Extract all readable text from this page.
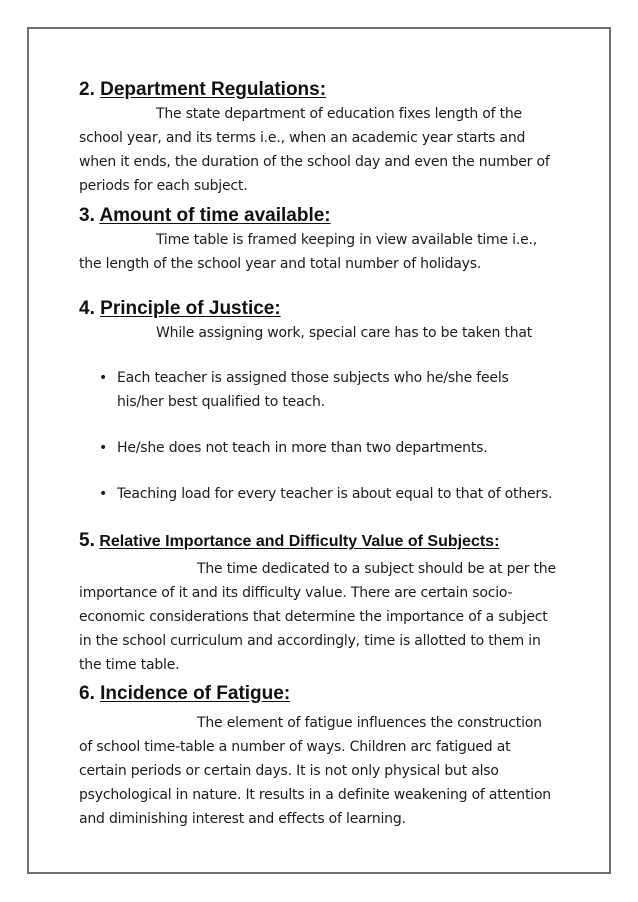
2. Department Regulations:

The state department of education fixes length of the school year, and its terms i.e., when an academic year starts and when it ends, the duration of the school day and even the number of periods for each subject.

3. Amount of time available:

Time table is framed keeping in view available time i.e., the length of the school year and total number of holidays.

4. Principle of Justice:

While assigning work, special care has to be taken that

• Each teacher is assigned those subjects who he/she feels his/her best qualified to teach.
• He/she does not teach in more than two departments.
• Teaching load for every teacher is about equal to that of others.
5. Relative Importance and Difficulty Value of Subjects:

The time dedicated to a subject should be at per the importance of it and its difficulty value. There are certain socio-economic considerations that determine the importance of a subject in the school curriculum and accordingly, time is allotted to them in the time table.

6. Incidence of Fatigue:

The element of fatigue influences the construction of school time-table a number of ways. Children arc fatigued at certain periods or certain days. It is not only physical but also psychological in nature. It results in a definite weakening of attention and diminishing interest and effects of learning.
